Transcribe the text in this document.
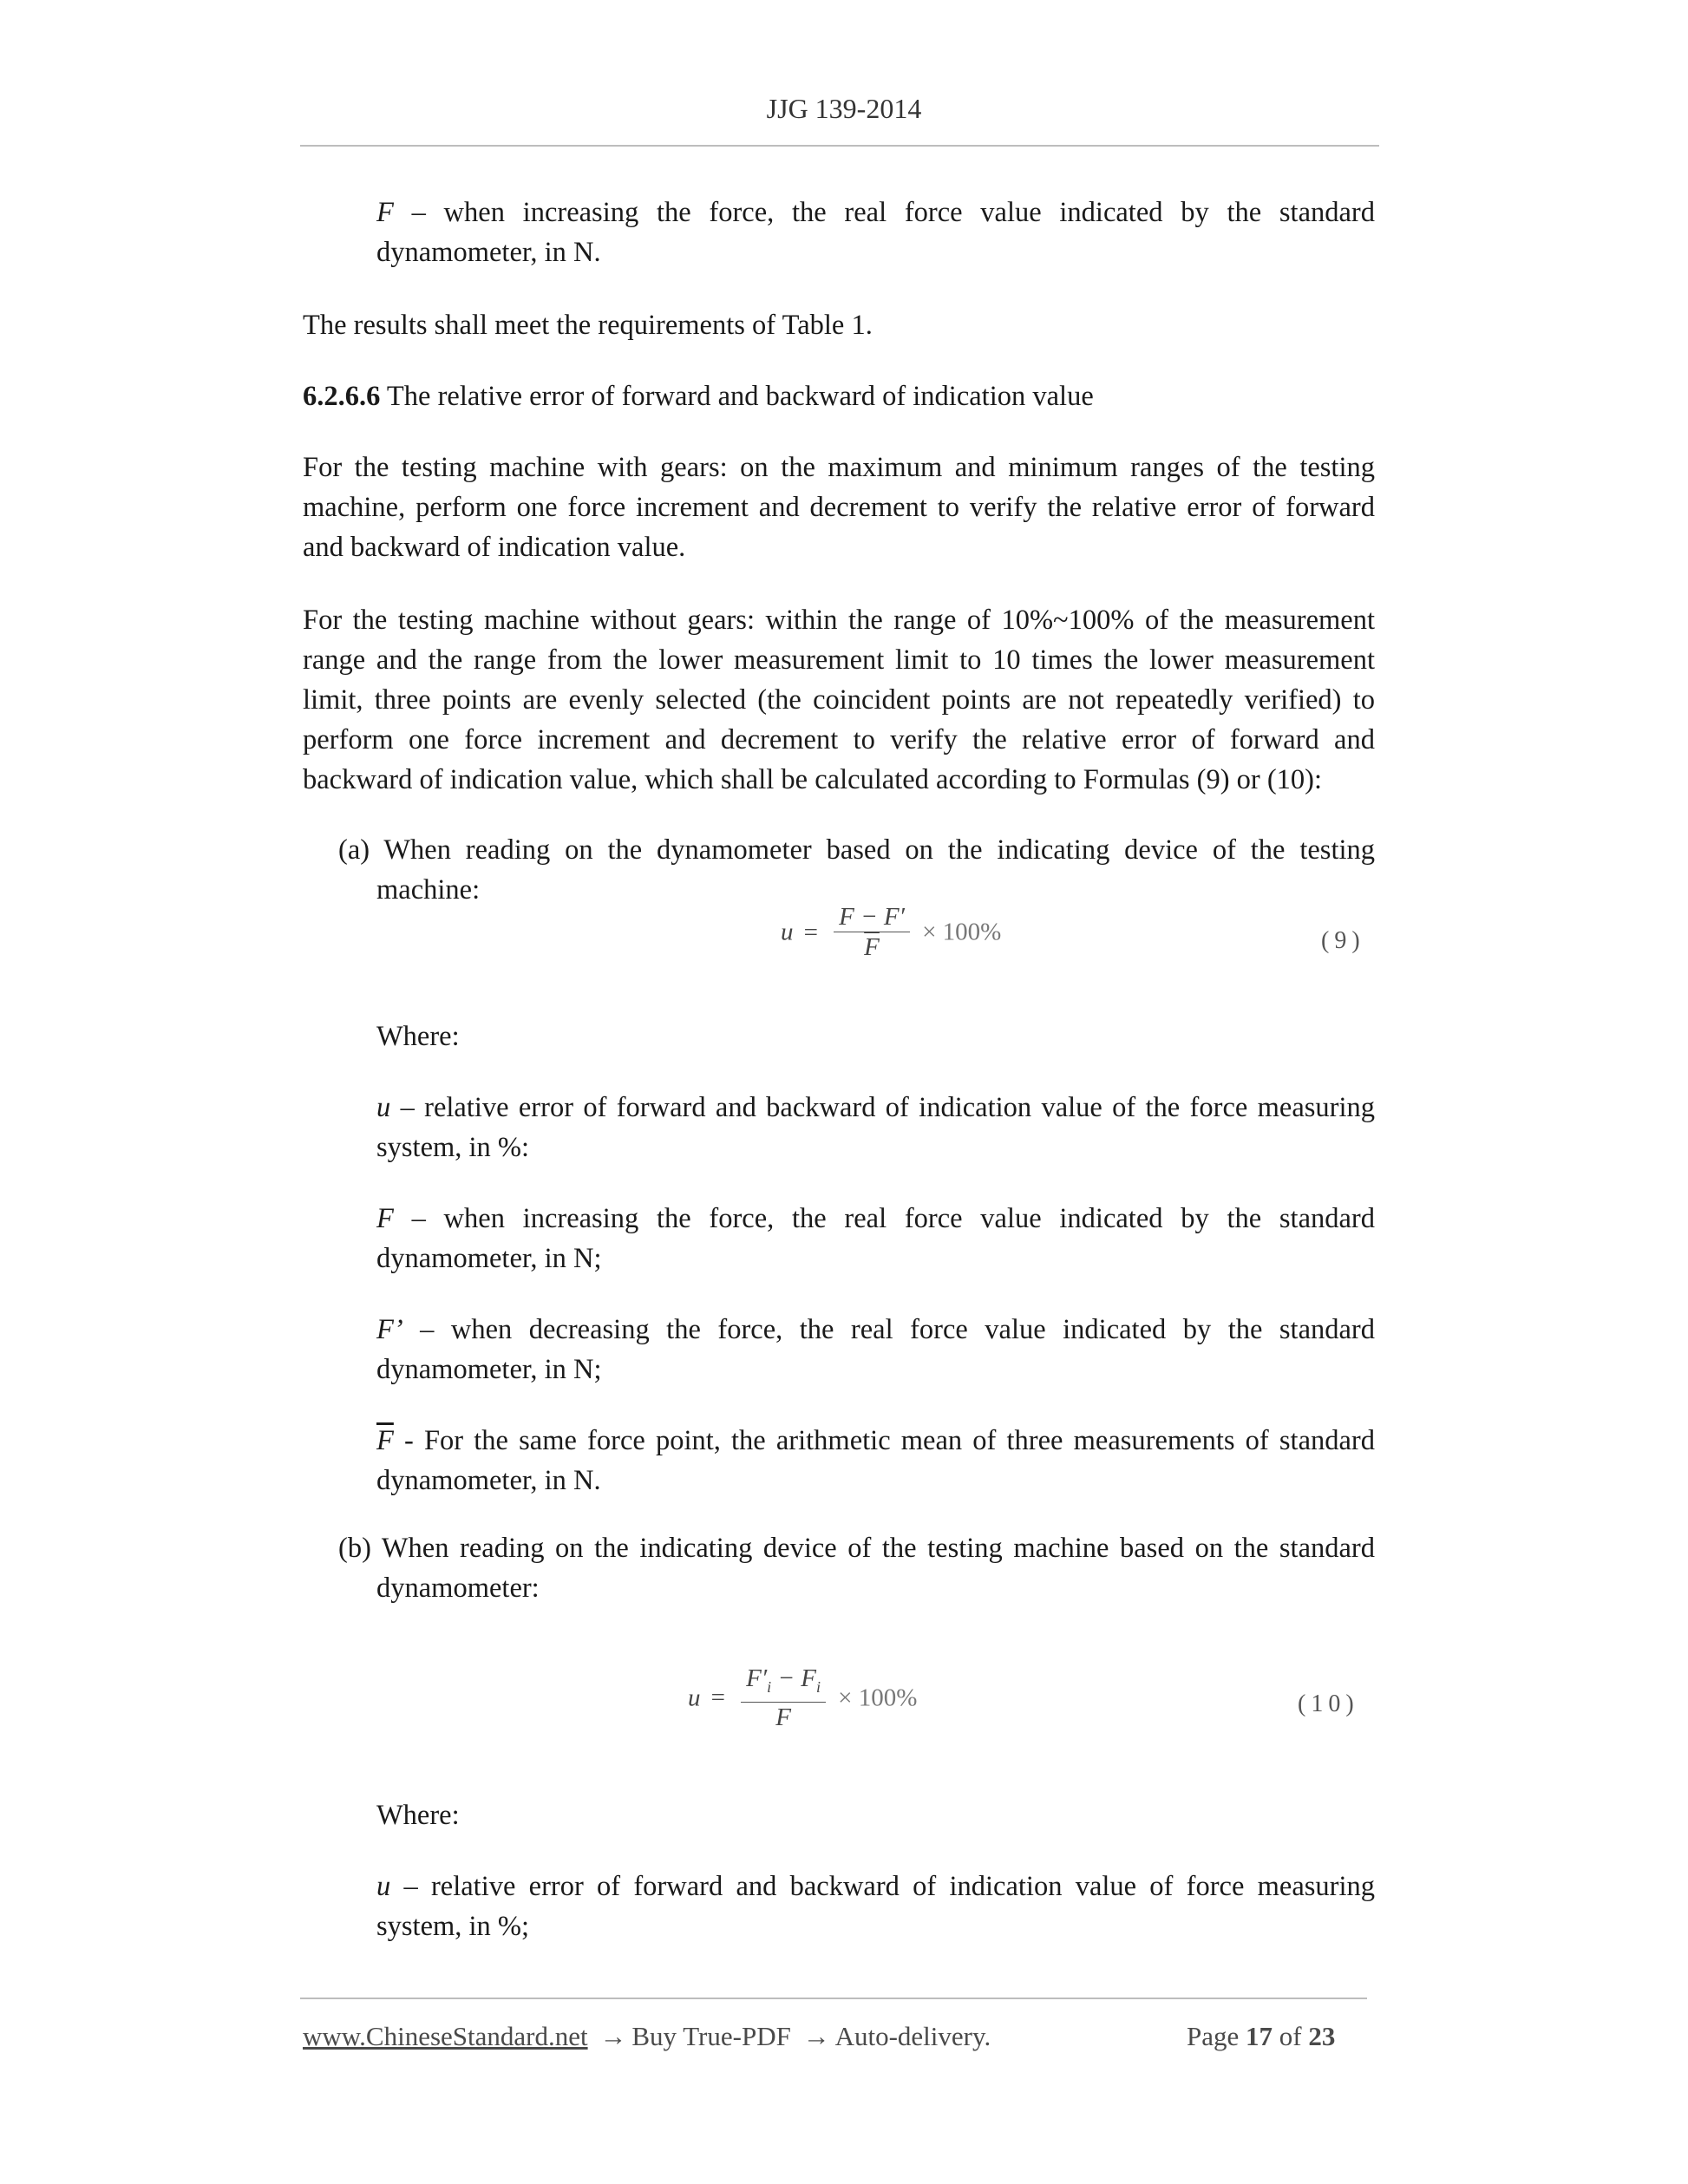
JJG 139-2014

F – when increasing the force, the real force value indicated by the standard dynamometer, in N.

The results shall meet the requirements of Table 1.

6.2.6.6 The relative error of forward and backward of indication value

For the testing machine with gears: on the maximum and minimum ranges of the testing machine, perform one force increment and decrement to verify the relative error of forward and backward of indication value.

For the testing machine without gears: within the range of 10%~100% of the measurement range and the range from the lower measurement limit to 10 times the lower measurement limit, three points are evenly selected (the coincident points are not repeatedly verified) to perform one force increment and decrement to verify the relative error of forward and backward of indication value, which shall be calculated according to Formulas (9) or (10):

(a) When reading on the dynamometer based on the indicating device of the testing machine:

$u = \frac{F - F'}{F} \times 100\%$	(9)

Where:

u – relative error of forward and backward of indication value of the force measuring system, in %:

F – when increasing the force, the real force value indicated by the standard dynamometer, in N;

F’ – when decreasing the force, the real force value indicated by the standard dynamometer, in N;

$\overline{F}$ - For the same force point, the arithmetic mean of three measurements of standard dynamometer, in N.

(b) When reading on the indicating device of the testing machine based on the standard dynamometer:

$u = \frac{F'_i - F_i}{F} \times 100\%$	(10)

Where:

u – relative error of forward and backward of indication value of force measuring system, in %;

www.ChineseStandard.net → Buy True-PDF → Auto-delivery.	Page 17 of 23
